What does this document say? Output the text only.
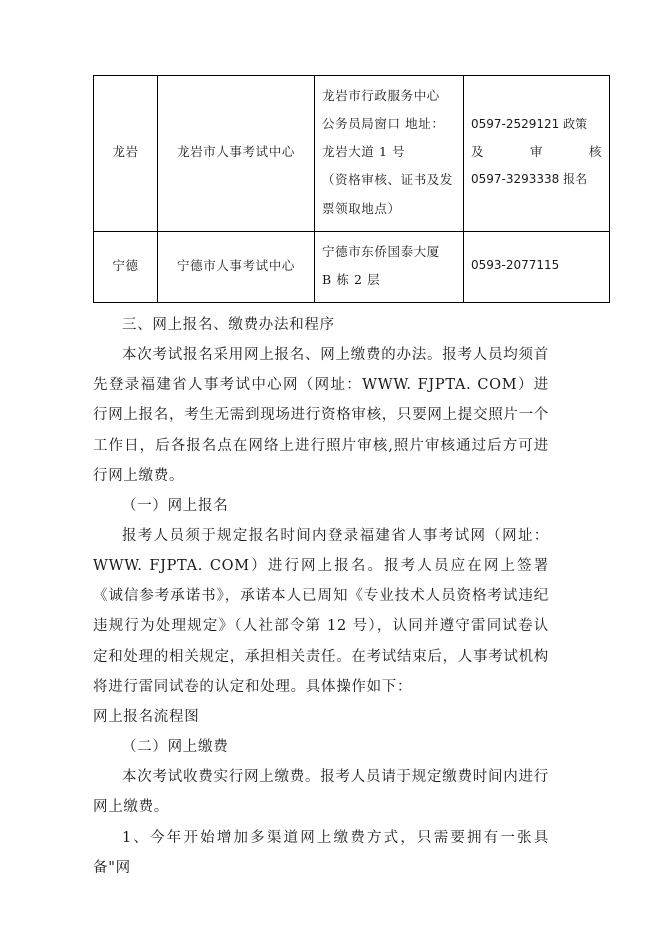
龙岩	龙岩市人事考试中心	龙岩市行政服务中心
公务员局窗口 地址：
龙岩大道 1 号
（资格审核、证书及发
票领取地点）	0597-2529121 政策
及 审 核
0597-3293338 报名

宁德	宁德市人事考试中心	宁德市东侨国泰大厦
B 栋 2 层	0593-2077115

三、网上报名、缴费办法和程序

本次考试报名采用网上报名、网上缴费的办法。报考人员均须首先登录福建省人事考试中心网（网址：WWW. FJPTA. COM）进行网上报名，考生无需到现场进行资格审核，只要网上提交照片一个工作日，后各报名点在网络上进行照片审核,照片审核通过后方可进行网上缴费。

（一）网上报名

报考人员须于规定报名时间内登录福建省人事考试网（网址：WWW. FJPTA. COM）进行网上报名。报考人员应在网上签署《诚信参考承诺书》，承诺本人已周知《专业技术人员资格考试违纪违规行为处理规定》（人社部令第 12 号），认同并遵守雷同试卷认定和处理的相关规定，承担相关责任。在考试结束后，人事考试机构将进行雷同试卷的认定和处理。具体操作如下：

网上报名流程图

（二）网上缴费

本次考试收费实行网上缴费。报考人员请于规定缴费时间内进行网上缴费。

1、今年开始增加多渠道网上缴费方式，只需要拥有一张具备"网
